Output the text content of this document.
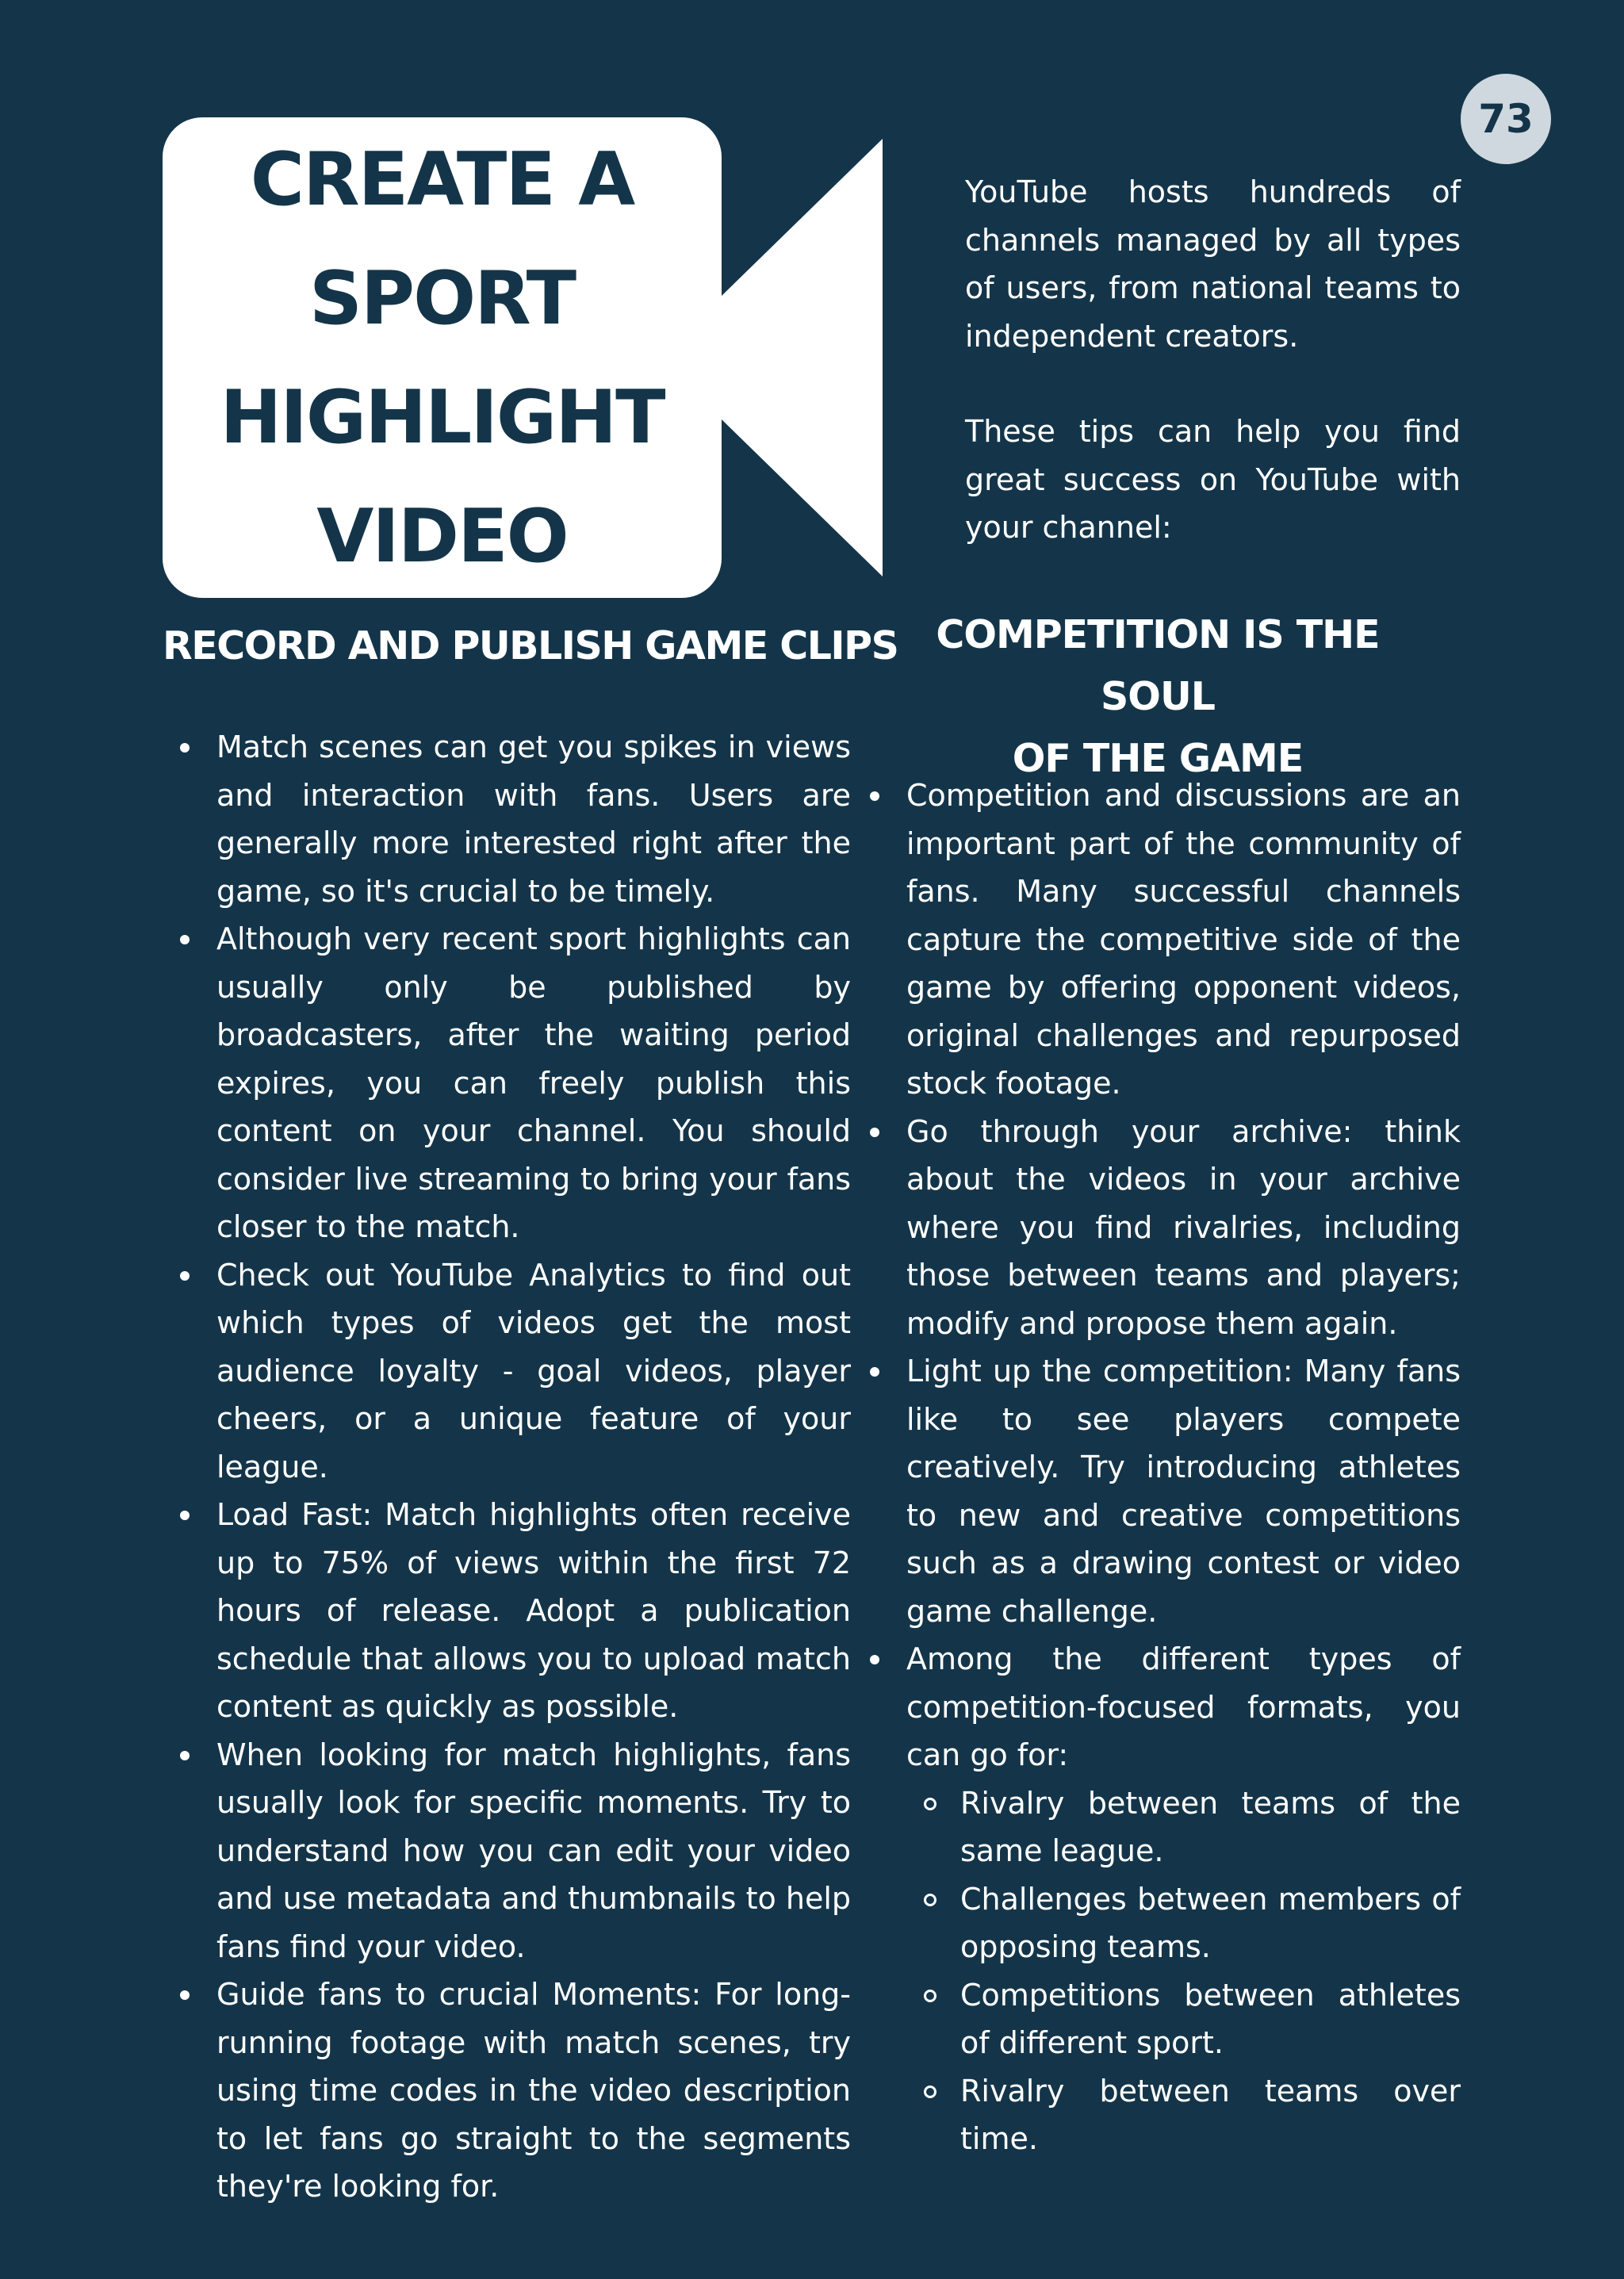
73
CREATE A
SPORT
HIGHLIGHT
VIDEO

YouTube hosts hundreds of channels managed by all types of users, from national teams to independent creators.

These tips can help you find great success on YouTube with your channel:

RECORD AND PUBLISH GAME CLIPS COMPETITION IS THE SOUL
OF THE GAME
Match scenes can get you spikes in views and interaction with fans. Users are generally more interested right after the game, so it's crucial to be timely.
Although very recent sport highlights can usually only be published by broadcasters, after the waiting period expires, you can freely publish this content on your channel. You should consider live streaming to bring your fans closer to the match.
Check out YouTube Analytics to find out which types of videos get the most audience loyalty - goal videos, player cheers, or a unique feature of your league.
Load Fast: Match highlights often receive up to 75% of views within the first 72 hours of release. Adopt a publication schedule that allows you to upload match content as quickly as possible.
When looking for match highlights, fans usually look for specific moments. Try to understand how you can edit your video and use metadata and thumbnails to help fans find your video.
Guide fans to crucial Moments: For long-running footage with match scenes, try using time codes in the video description to let fans go straight to the segments they're looking for.
Competition and discussions are an important part of the community of fans. Many successful channels capture the competitive side of the game by offering opponent videos, original challenges and repurposed stock footage.
Go through your archive: think about the videos in your archive where you find rivalries, including those between teams and players; modify and propose them again.
Light up the competition: Many fans like to see players compete creatively. Try introducing athletes to new and creative competitions such as a drawing contest or video game challenge.
Among the different types of competition-focused formats, you can go for:
Rivalry between teams of the same league.
Challenges between members of opposing teams.
Competitions between athletes of different sport.
Rivalry between teams over time.
